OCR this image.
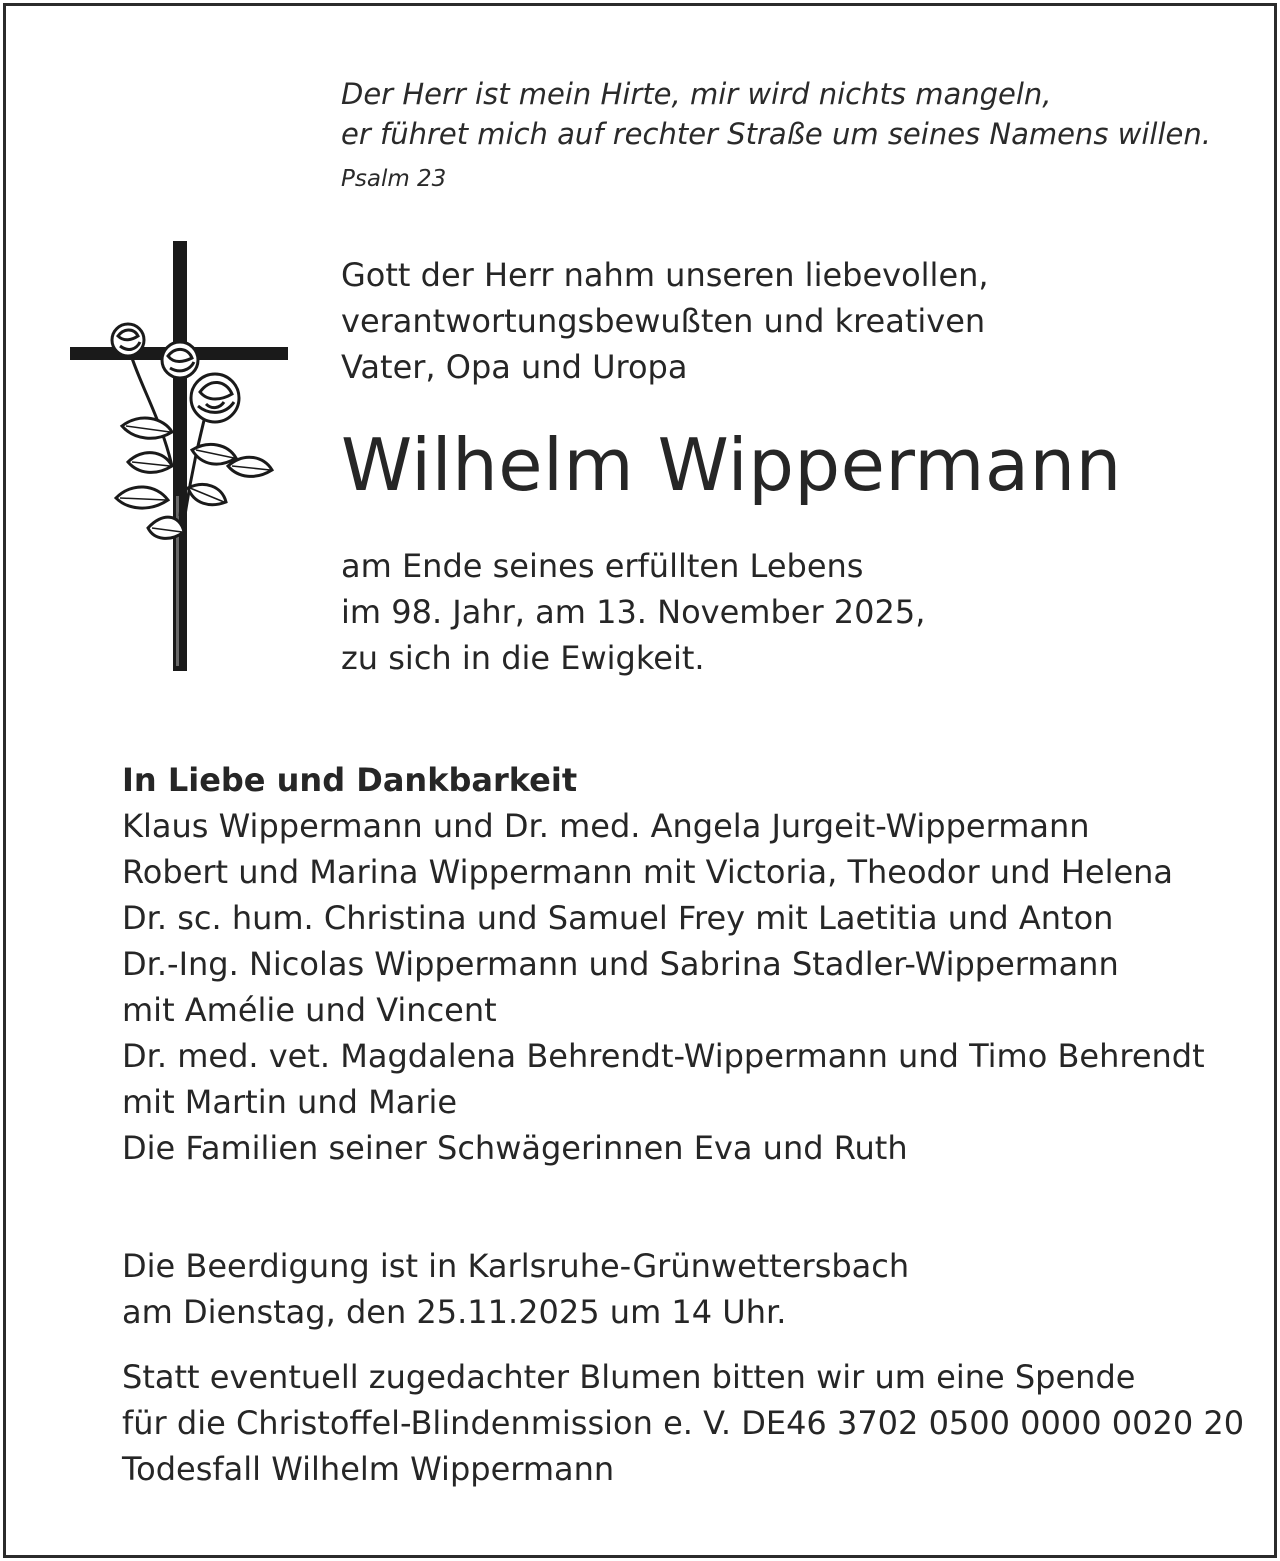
Der Herr ist mein Hirte, mir wird nichts mangeln,
er führet mich auf rechter Straße um seines Namens willen.

Psalm 23

Gott der Herr nahm unseren liebevollen,
verantwortungsbewußten und kreativen
Vater, Opa und Uropa

Wilhelm Wippermann

am Ende seines erfüllten Lebens
im 98. Jahr, am 13. November 2025,
zu sich in die Ewigkeit.

In Liebe und Dankbarkeit
Klaus Wippermann und Dr. med. Angela Jurgeit-Wippermann
Robert und Marina Wippermann mit Victoria, Theodor und Helena
Dr. sc. hum. Christina und Samuel Frey mit Laetitia und Anton
Dr.-Ing. Nicolas Wippermann und Sabrina Stadler-Wippermann
mit Amélie und Vincent
Dr. med. vet. Magdalena Behrendt-Wippermann und Timo Behrendt
mit Martin und Marie
Die Familien seiner Schwägerinnen Eva und Ruth

Die Beerdigung ist in Karlsruhe-Grünwettersbach
am Dienstag, den 25.11.2025 um 14 Uhr.

Statt eventuell zugedachter Blumen bitten wir um eine Spende
für die Christoffel-Blindenmission e. V. DE46 3702 0500 0000 0020 20
Todesfall Wilhelm Wippermann
